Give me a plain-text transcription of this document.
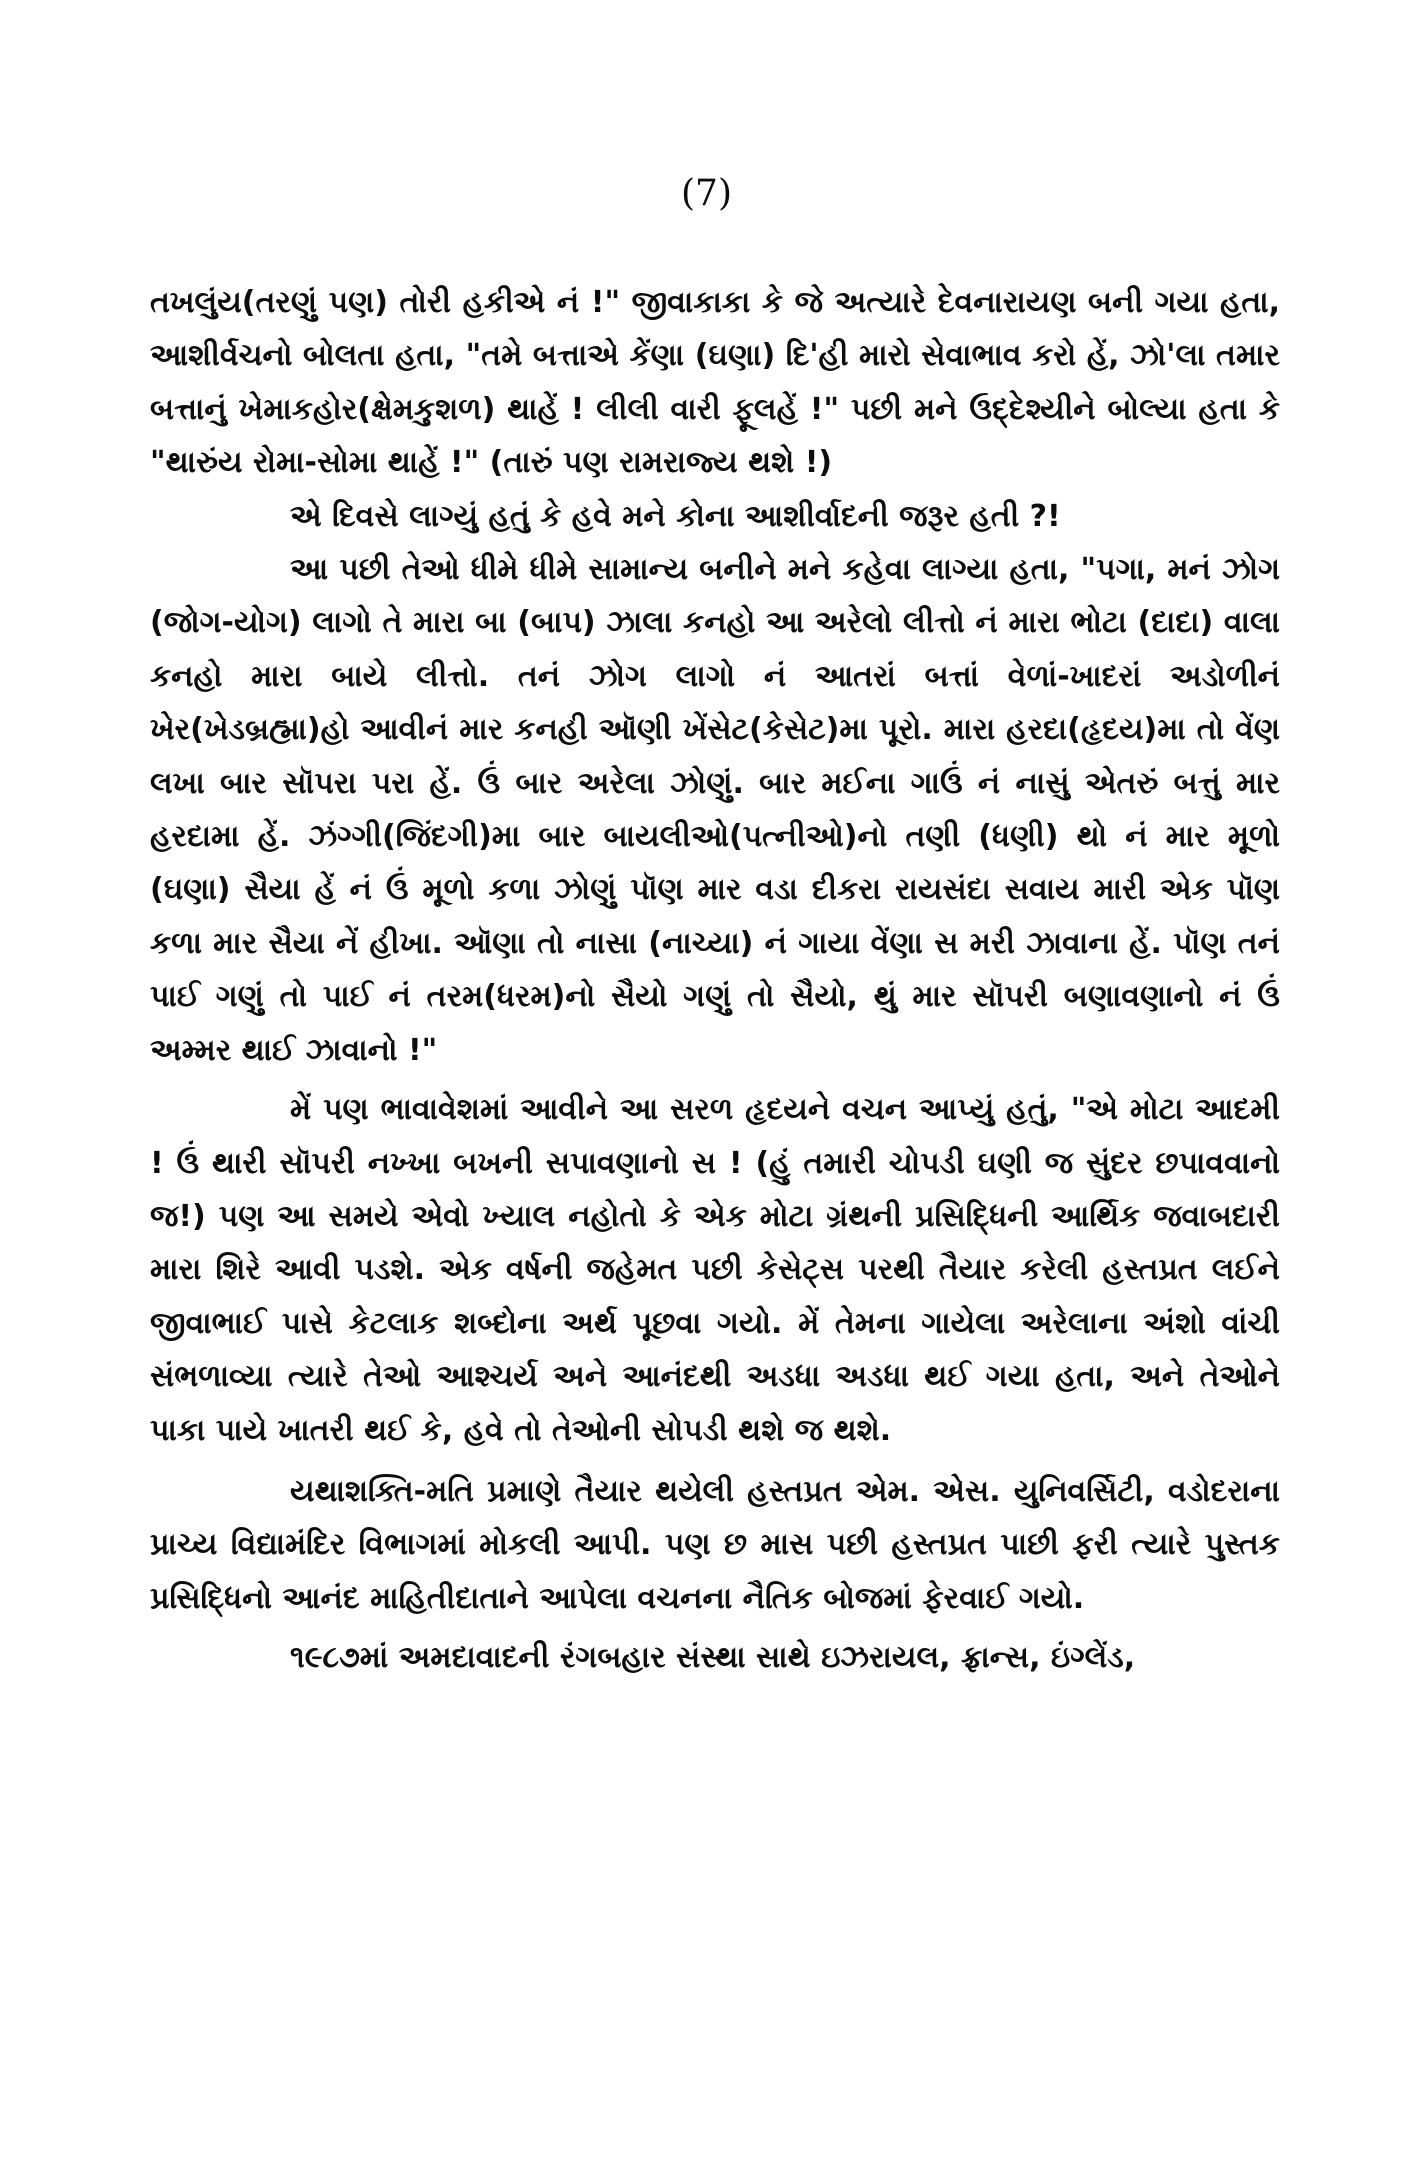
(7)

તખલુંય(તરણું પણ) તોરી હકીએ નં !" જીવાકાકા કે જે અત્યારે દેવનારાયણ બની ગયા હતા, આશીર્વચનો બોલતા હતા, "તમે બત્તાએ કેંણા (ઘણા) દિ'હી મારો સેવાભાવ કરો હેં, ઝો'લા તમાર બત્તાનું ખેમાકહોર(ક્ષેમકુશળ) થાહેં ! લીલી વારી ફૂલહેં !" પછી મને ઉદ્દેશ્યીને બોલ્યા હતા કે "થારુંય રોમા-સોમા થાહેં !" (તારું પણ રામરાજ્ય થશે !)

એ દિવસે લાગ્યું હતું કે હવે મને કોના આશીર્વાદની જરૂર હતી ?!

આ પછી તેઓ ધીમે ધીમે સામાન્ય બનીને મને કહેવા લાગ્યા હતા, "પગા, મનં ઝોગ (જોગ-યોગ) લાગો તે મારા બા (બાપ) ઝાલા કનહો આ અરેલો લીત્તો નં મારા ભોટા (દાદા) વાલા કનહો મારા બાયે લીત્તો. તનં ઝોગ લાગો નં આતરાં બત્તાં વેળાં-ખાદરાં અડોળીનં ખેર(ખેડબ્રહ્મા)હો આવીનં માર કનહી ઑણી ખેંસેટ(કેસેટ)મા પૂરો. મારા હરદા(હૃદય)મા તો વેંણ લખા બાર સૉપરા પરા હેં. ઉં બાર અરેલા ઝોણું. બાર મઈના ગાઉં નં નાસું એતરું બત્તું માર હરદામા હેં. ઝંગ્ગી(જિંદગી)મા બાર બાયલીઓ(પત્નીઓ)નો તણી (ધણી) થો નં માર મૂળો (ઘણા) સૈયા હેં નં ઉં મૂળો કળા ઝોણું પૉણ માર વડા દીકરા રાયસંદા સવાય મારી એક પૉણ કળા માર સૈયા નેં હીખા. ઑણા તો નાસા (નાચ્યા) નં ગાયા વેંણા સ મરી ઝાવાના હેં. પૉણ તનં પાઈ ગણું તો પાઈ નં તરમ(ધરમ)નો સૈયો ગણું તો સૈયો, થું માર સૉપરી બણાવણાનો નં ઉં અમ્મર થાઈ ઝાવાનો !"

મેં પણ ભાવાવેશમાં આવીને આ સરળ હૃદયને વચન આપ્યું હતું, "એ મોટા આદમી ! ઉં થારી સૉપરી નખ્ખા બખની સપાવણાનો સ ! (હું તમારી ચોપડી ઘણી જ સુંદર છપાવવાનો જ!) પણ આ સમયે એવો ખ્યાલ નહોતો કે એક મોટા ગ્રંથની પ્રસિદ્ધિની આર્થિક જવાબદારી મારા શિરે આવી પડશે. એક વર્ષની જહેમત પછી કેસેટ્સ પરથી તૈયાર કરેલી હસ્તપ્રત લઈને જીવાભાઈ પાસે કેટલાક શબ્દોના અર્થ પૂછવા ગયો. મેં તેમના ગાયેલા અરેલાના અંશો વાંચી સંભળાવ્યા ત્યારે તેઓ આશ્ચર્ય અને આનંદથી અડધા અડધા થઈ ગયા હતા, અને તેઓને પાકા પાયે ખાતરી થઈ કે, હવે તો તેઓની સોપડી થશે જ થશે.

યથાશક્તિ-મતિ પ્રમાણે તૈયાર થયેલી હસ્તપ્રત એમ. એસ. યુનિવર્સિટી, વડોદરાના પ્રાચ્ય વિદ્યામંદિર વિભાગમાં મોકલી આપી. પણ છ માસ પછી હસ્તપ્રત પાછી ફરી ત્યારે પુસ્તક પ્રસિદ્ધિનો આનંદ માહિતીદાતાને આપેલા વચનના નૈતિક બોજમાં ફેરવાઈ ગયો.

૧૯૮૭માં અમદાવાદની રંગબહાર સંસ્થા સાથે ઇઝરાયલ, ફ્રાન્સ, ઇંગ્લેંડ,
